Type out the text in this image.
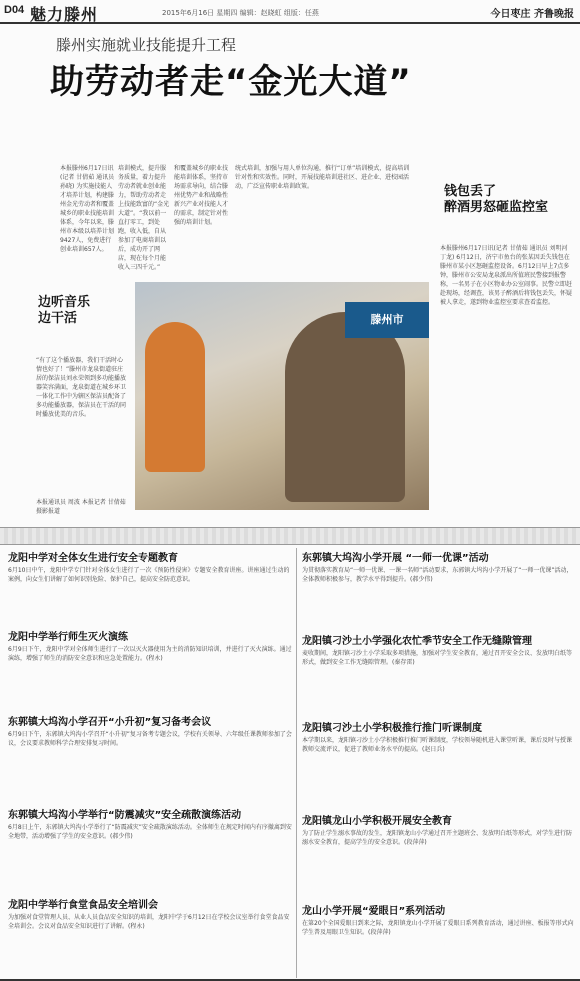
D04 魅力滕州	2015年6月16日 星期四 编辑：赵晓虹 组版：任燕	今日枣庄 齐鲁晚报
滕州实施就业技能提升工程
助劳动者走“金光大道”
本报滕州6月17日讯(记者 甘倩茹 通讯员 孙晓) 为实施技能人才培养计划，构建滕州金光劳动者和覆盖城乡的职业技能培训体系，今年以来，滕州市本级以培养计划9427人，免费进行创业培训657人。
培训模式，提升服务质量，着力提升劳动者就业创业能力，帮助劳动者走上技能致富的“金光大道”。“我以前一直打零工，到处跑，收入低，自从参加了电商培训以后，成功开了网店，现在每个月能收入三四千元。”
和覆盖城乡的职业技能培训体系，坚持市场需求导向，结合滕州优势产业和战略性新兴产业对技能人才的需求，制定针对性强的培训计划。
统式培训，加强与用人单位沟通，推行“订单”培训模式，提高培训针对性和实效性。同时，开展技能培训进社区、进企业、进校园活动，广泛宣传职业培训政策。
边听音乐
边干活
“有了这个播放器，我们干活时心情也好了！”滕州市龙泉街道驻庄居的保洁员刘永荣领到多功能播放器笑容满面，龙泉街道在城乡环卫一体化工作中为辖区保洁员配备了多功能播放器，保洁员在干活的同时播放优美的音乐。
本报通讯员 周波 本报记者 甘倩茹 摄影报道
滕州市
钱包丢了
醉酒男怒砸监控室
本报滕州6月17日讯(记者 甘倩茹 通讯员 刘明河 丁龙) 6月12日，济宁市鱼台的张某因丢失钱包在滕州市某小区怒砸监控设备。6月12日早上7点多钟，滕州市公安局龙泉派出所值班民警接到报警称，一名男子在小区物业办公室闹事。民警立即赶赴现场，经调查，该男子醉酒后将钱包丢失，怀疑被人拿走，遂到物业监控室要求查看监控。
龙阳中学对全体女生进行安全专题教育
6月10日中午，龙阳中学专门针对全体女生进行了一次《预防性侵害》专题安全教育讲座。讲座通过生动的案例，向女生们讲解了如何识别危险、保护自己，提高安全防范意识。
龙阳中学举行师生灭火演练
6月9日下午，龙阳中学对全体师生进行了一次以灭火器使用为主的消防知识培训，并进行了灭火演练。通过演练，增强了师生的消防安全意识和应急处置能力。(程永)
东郭镇大坞沟小学召开“小升初”复习备考会议
6月9日下午，东郭镇大坞沟小学召开“小升初”复习备考专题会议，学校有关领导、六年级任课教师参加了会议，会议要求教师科学合理安排复习时间。
东郭镇大坞沟小学举行“防震减灾”安全疏散演练活动
6月8日上午，东郭镇大坞沟小学举行了“防震减灾”安全疏散演练活动。全体师生在规定时间内有序撤离到安全地带，活动增强了学生的安全意识。(郝少伟)
龙阳中学举行食堂食品安全培训会
为加强对食堂管理人员、从业人员食品安全知识的培训，龙阳中学于6月12日在学校会议室举行食堂食品安全培训会。会议对食品安全知识进行了讲解。(程永)
东郭镇大坞沟小学开展 “一师一优课”活动
为贯彻落实教育局“一师一优课、一课一名师”活动要求，东郭镇大坞沟小学开展了“一师一优课”活动，全体教师积极参与，教学水平得到提升。(郝少伟)
龙阳镇刁沙土小学强化农忙季节安全工作无缝隙管理
麦收期间，龙阳镇刁沙土小学采取多项措施，加强对学生安全教育，通过召开安全会议、发放明白纸等形式，做到安全工作无缝隙管理。(秦存雷)
龙阳镇刁沙土小学积极推行推门听课制度
本学期以来，龙阳镇刁沙土小学积极推行推门听课制度，学校领导随机进入课堂听课，课后及时与授课教师交流评议，促进了教师业务水平的提高。(赵日兵)
龙阳镇龙山小学积极开展安全教育
为了防止学生溺水事故的发生，龙阳镇龙山小学通过召开主题班会、发放明白纸等形式，对学生进行防溺水安全教育，提高学生的安全意识。(段萍萍)
龙山小学开展“爱眼日”系列活动
在第20个全国爱眼日到来之际，龙阳镇龙山小学开展了爱眼日系列教育活动，通过讲座、板报等形式向学生普及用眼卫生知识。(段萍萍)
